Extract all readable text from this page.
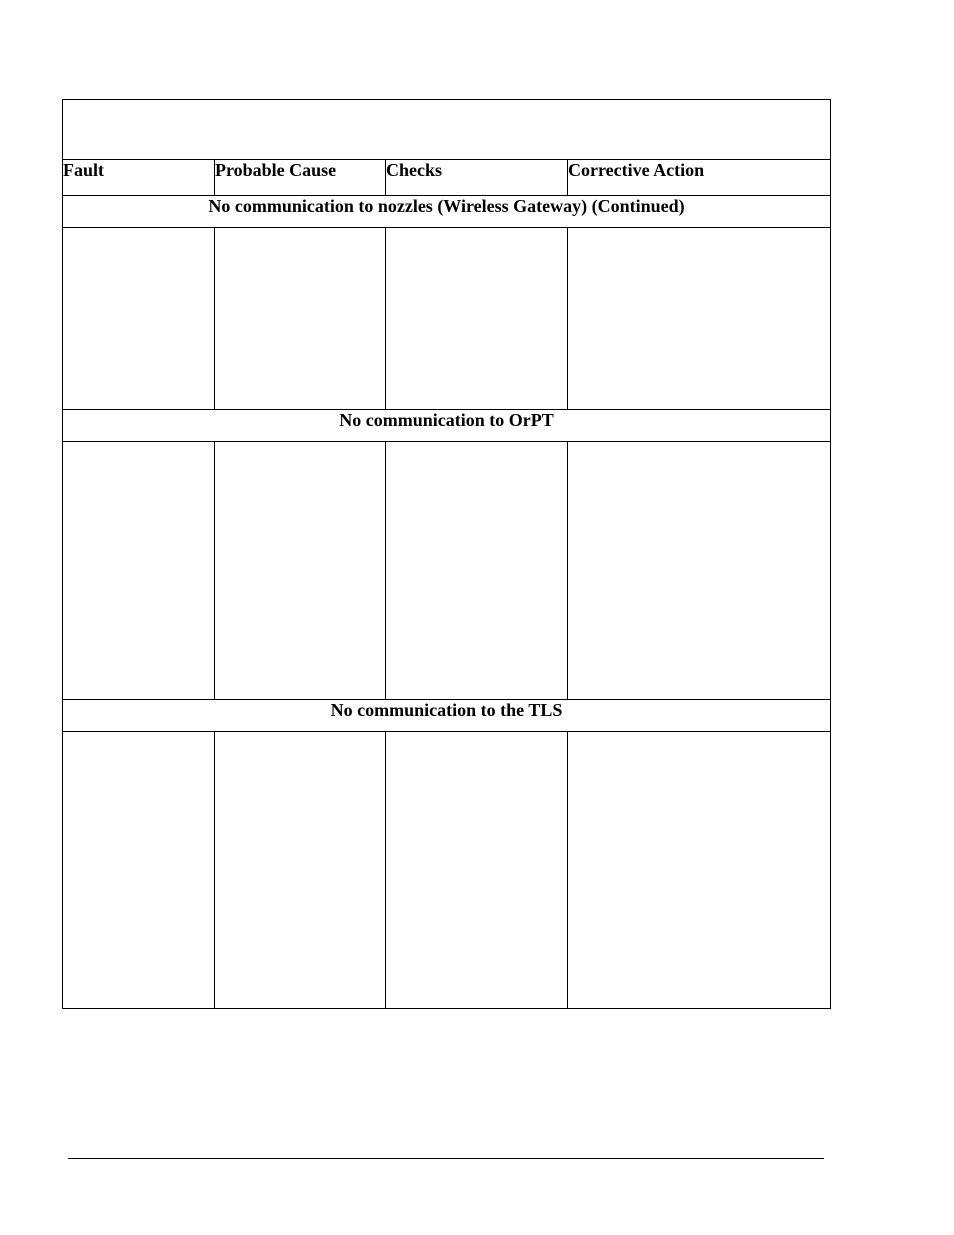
Fault	Probable Cause	Checks	Corrective Action
No communication to nozzles (Wireless Gateway) (Continued)			

No communication to OrPT			

No communication to the TLS			
